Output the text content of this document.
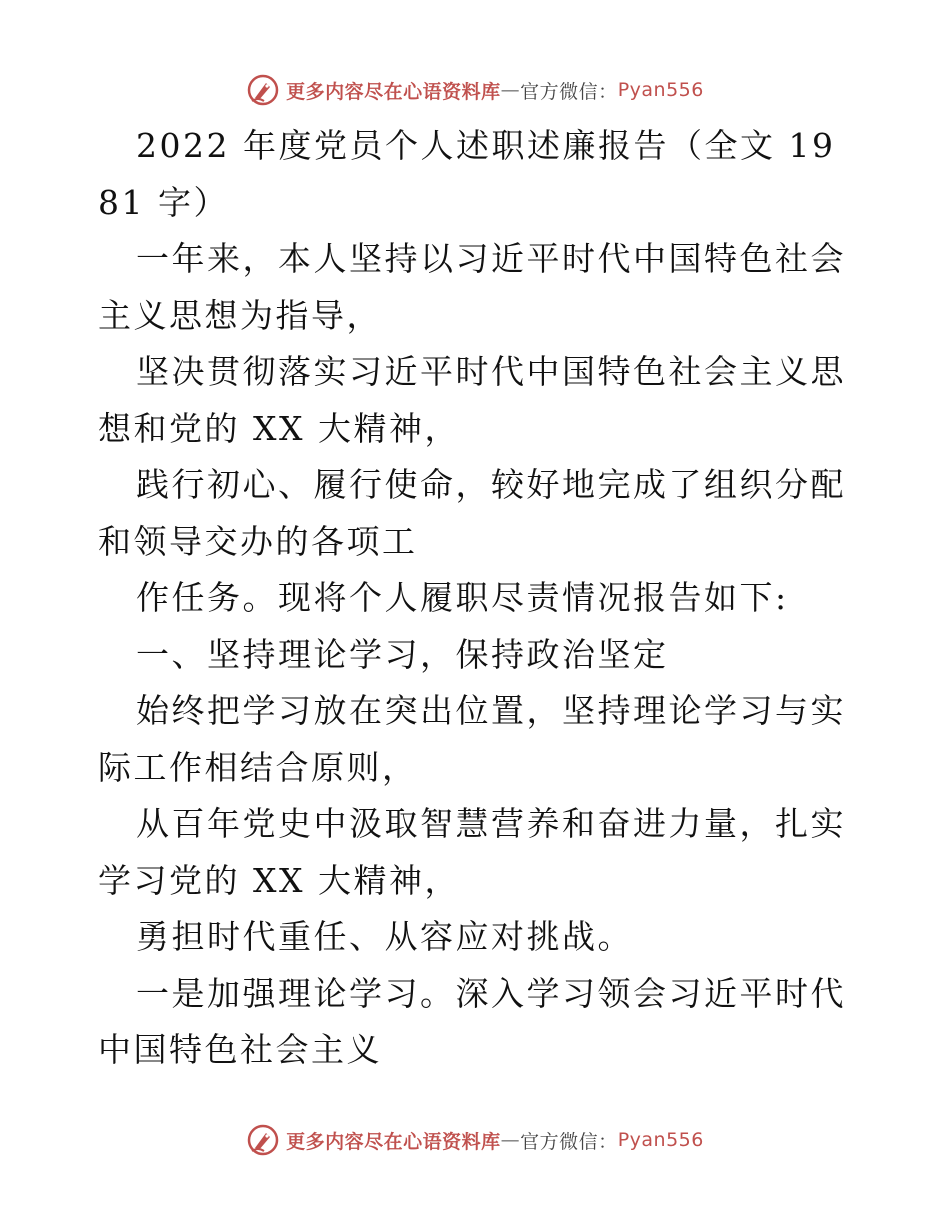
更多内容尽在心语资料库 — 官方微信： Pyan556

2022 年度党员个人述职述廉报告（全文 1981 字）

一年来，本人坚持以习近平时代中国特色社会主义思想为指导，

坚决贯彻落实习近平时代中国特色社会主义思想和党的 XX 大精神，

践行初心、履行使命，较好地完成了组织分配和领导交办的各项工

作任务。现将个人履职尽责情况报告如下:

一、坚持理论学习，保持政治坚定

始终把学习放在突出位置，坚持理论学习与实际工作相结合原则，

从百年党史中汲取智慧营养和奋进力量，扎实学习党的 XX 大精神，

勇担时代重任、从容应对挑战。

一是加强理论学习。深入学习领会习近平时代中国特色社会主义

更多内容尽在心语资料库 — 官方微信： Pyan556
